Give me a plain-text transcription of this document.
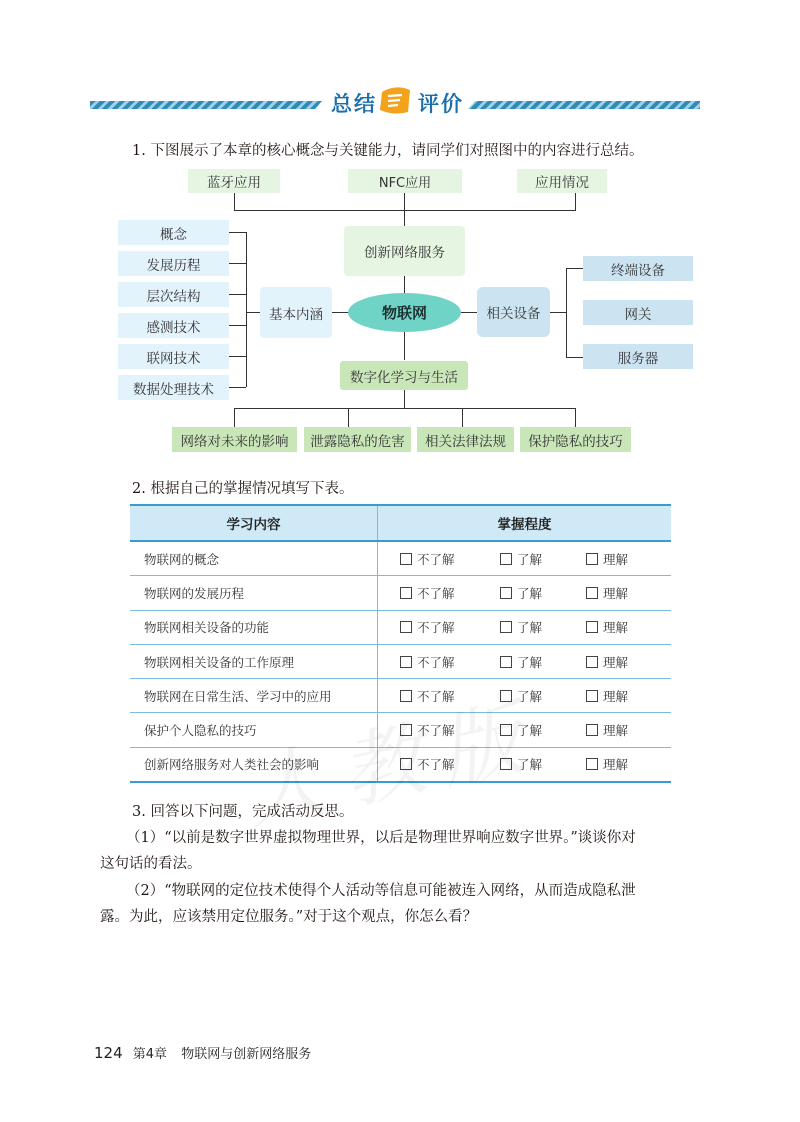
总结 评价
1. 下图展示了本章的核心概念与关键能力，请同学们对照图中的内容进行总结。
蓝牙应用	NFC应用	应用情况
创新网络服务
物联网
基本内涵
概念
发展历程
层次结构
感测技术
联网技术
数据处理技术
相关设备
终端设备
网关
服务器
数字化学习与生活
网络对未来的影响	泄露隐私的危害	相关法律法规	保护隐私的技巧
2. 根据自己的掌握情况填写下表。
学习内容	掌握程度
物联网的概念	不了解 了解 理解

物联网的发展历程	不了解 了解 理解

物联网相关设备的功能	不了解 了解 理解

物联网相关设备的工作原理	不了解 了解 理解

物联网在日常生活、学习中的应用	不了解 了解 理解

保护个人隐私的技巧	不了解 了解 理解

创新网络服务对人类社会的影响	不了解 了解 理解
3. 回答以下问题，完成活动反思。
（1）“以前是数字世界虚拟物理世界，以后是物理世界响应数字世界。”谈谈你对
这句话的看法。
（2）“物联网的定位技术使得个人活动等信息可能被连入网络，从而造成隐私泄
露。为此，应该禁用定位服务。”对于这个观点，你怎么看？
124 第4章 物联网与创新网络服务
